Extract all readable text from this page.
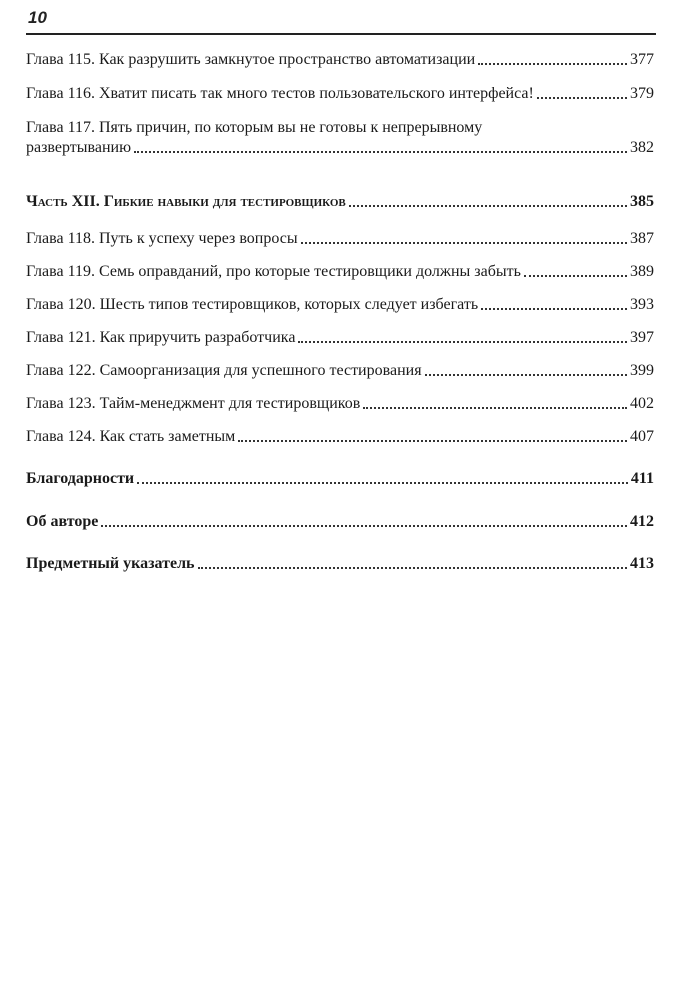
10
Глава 115. Как разрушить замкнутое пространство автоматизации	377
Глава 116. Хватит писать так много тестов пользовательского интерфейса!	379
Глава 117. Пять причин, по которым вы не готовы к непрерывному
развертыванию	382
Часть XII. Гибкие навыки для тестировщиков	385
Глава 118. Путь к успеху через вопросы	387
Глава 119. Семь оправданий, про которые тестировщики должны забыть	389
Глава 120. Шесть типов тестировщиков, которых следует избегать	393
Глава 121. Как приручить разработчика	397
Глава 122. Самоорганизация для успешного тестирования	399
Глава 123. Тайм-менеджмент для тестировщиков	402
Глава 124. Как стать заметным	407
Благодарности	411
Об авторе	412
Предметный указатель	413
